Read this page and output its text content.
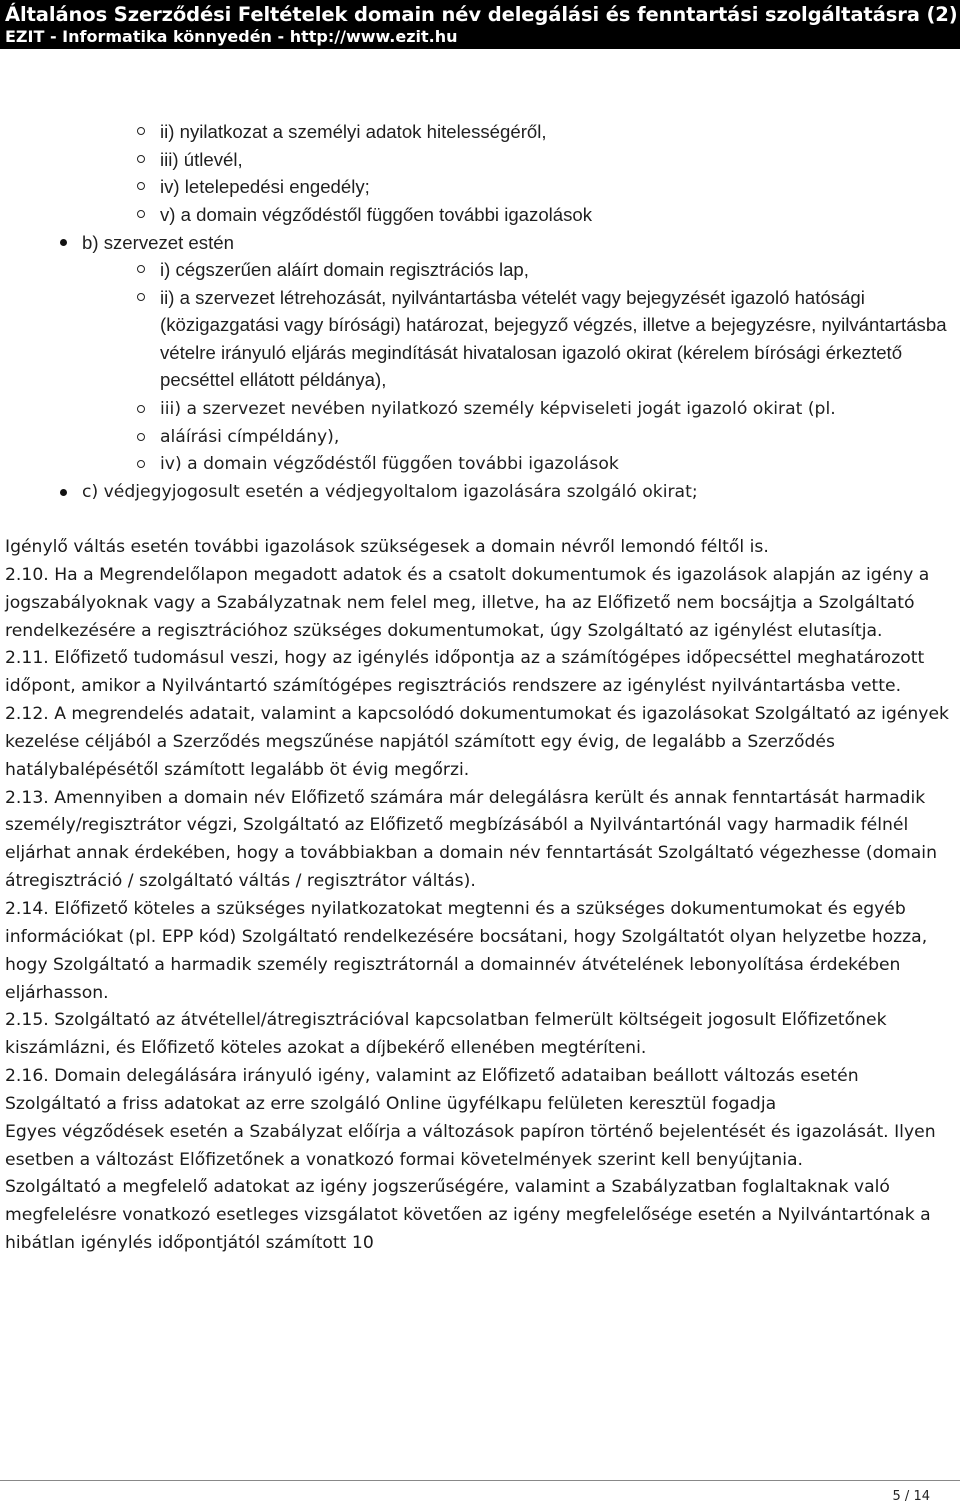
Általános Szerződési Feltételek domain név delegálási és fenntartási szolgáltatásra (2)
EZIT - Informatika könnyedén - http://www.ezit.hu
ii) nyilatkozat a személyi adatok hitelességéről,
iii) útlevél,
iv) letelepedési engedély;
v) a domain végződéstől függően további igazolások
b) szervezet estén
i) cégszerűen aláírt domain regisztrációs lap,
ii) a szervezet létrehozását, nyilvántartásba vételét vagy bejegyzését igazoló hatósági (közigazgatási vagy bírósági) határozat, bejegyző végzés, illetve a bejegyzésre, nyilvántartásba vételre irányuló eljárás megindítását hivatalosan igazoló okirat (kérelem bírósági érkeztető pecséttel ellátott példánya),
iii) a szervezet nevében nyilatkozó személy képviseleti jogát igazoló okirat (pl.
aláírási címpéldány),
iv) a domain végződéstől függően további igazolások
c) védjegyjogosult esetén a védjegyoltalom igazolására szolgáló okirat;

Igénylő váltás esetén további igazolások szükségesek a domain névről lemondó féltől is.

2.10. Ha a Megrendelőlapon megadott adatok és a csatolt dokumentumok és igazolások alapján az igény a jogszabályoknak vagy a Szabályzatnak nem felel meg, illetve, ha az Előfizető nem bocsájtja a Szolgáltató rendelkezésére a regisztrációhoz szükséges dokumentumokat, úgy Szolgáltató az igénylést elutasítja.

2.11. Előfizető tudomásul veszi, hogy az igénylés időpontja az a számítógépes időpecséttel meghatározott időpont, amikor a Nyilvántartó számítógépes regisztrációs rendszere az igénylést nyilvántartásba vette.

2.12. A megrendelés adatait, valamint a kapcsolódó dokumentumokat és igazolásokat Szolgáltató az igények kezelése céljából a Szerződés megszűnése napjától számított egy évig, de legalább a Szerződés hatálybalépésétől számított legalább öt évig megőrzi.

2.13. Amennyiben a domain név Előfizető számára már delegálásra került és annak fenntartását harmadik személy/regisztrátor végzi, Szolgáltató az Előfizető megbízásából a Nyilvántartónál vagy harmadik félnél eljárhat annak érdekében, hogy a továbbiakban a domain név fenntartását Szolgáltató végezhesse (domain átregisztráció / szolgáltató váltás / regisztrátor váltás).

2.14. Előfizető köteles a szükséges nyilatkozatokat megtenni és a szükséges dokumentumokat és egyéb információkat (pl. EPP kód) Szolgáltató rendelkezésére bocsátani, hogy Szolgáltatót olyan helyzetbe hozza, hogy Szolgáltató a harmadik személy regisztrátornál a domainnév átvételének lebonyolítása érdekében eljárhasson.

2.15. Szolgáltató az átvétellel/átregisztrációval kapcsolatban felmerült költségeit jogosult Előfizetőnek kiszámlázni, és Előfizető köteles azokat a díjbekérő ellenében megtéríteni.

2.16. Domain delegálására irányuló igény, valamint az Előfizető adataiban beállott változás esetén Szolgáltató a friss adatokat az erre szolgáló Online ügyfélkapu felületen keresztül fogadja

Egyes végződések esetén a Szabályzat előírja a változások papíron történő bejelentését és igazolását. Ilyen esetben a változást Előfizetőnek a vonatkozó formai követelmények szerint kell benyújtania.

Szolgáltató a megfelelő adatokat az igény jogszerűségére, valamint a Szabályzatban foglaltaknak való megfelelésre vonatkozó esetleges vizsgálatot követően az igény megfelelősége esetén a Nyilvántartónak a hibátlan igénylés időpontjától számított 10

5 / 14
